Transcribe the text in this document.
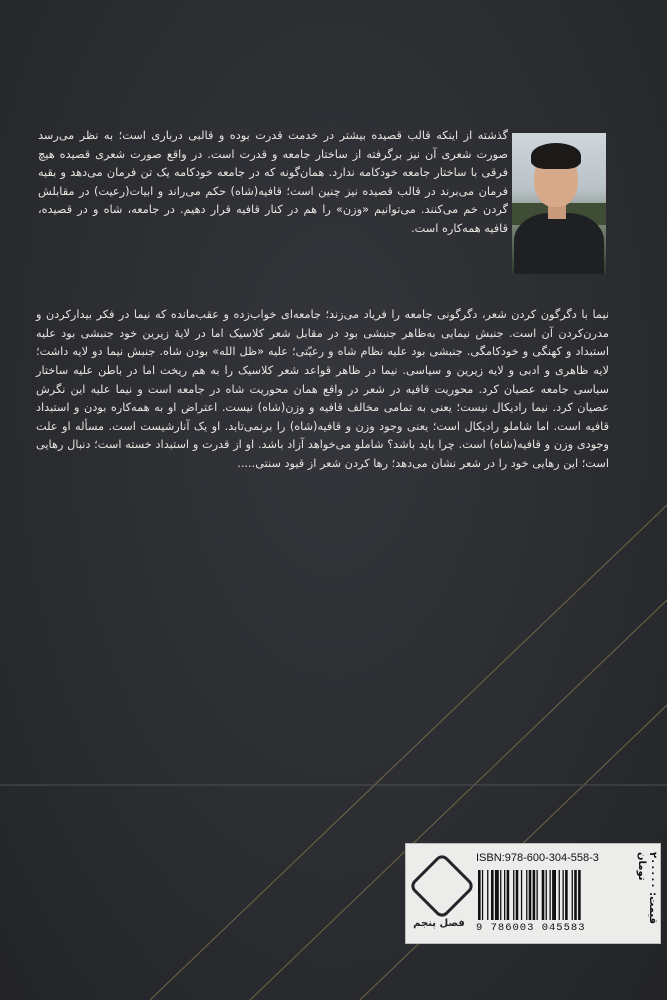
گذشته از اینکه قالب قصیده بیشتر در خدمت قدرت بوده و قالبی درباری است؛ به نظر می‌رسد صورت شعری آن نیز برگرفته از ساختار جامعه و قدرت است. در واقع صورت شعری قصیده هیچ فرقی با ساختار جامعه خودکامه ندارد. همان‌گونه که در جامعه خودکامه یک تن فرمان می‌دهد و بقیه فرمان می‌برند در قالب قصیده نیز چنین است؛ قافیه(شاه) حکم می‌راند و ابیات(رعیت) در مقابلش گردن خم می‌کنند. می‌توانیم «وزن» را هم در کنار قافیه قرار دهیم. در جامعه، شاه و در قصیده، قافیه همه‌کاره است.

نیما با دگرگون کردن شعر، دگرگونی جامعه را فریاد می‌زند؛ جامعه‌ای خواب‌زده و عقب‌مانده که نیما در فکر بیدارکردن و مدرن‌کردن آن است. جنبش نیمایی به‌ظاهر جنبشی بود در مقابل شعر کلاسیک اما در لایهٔ زیرین خود جنبشی بود علیه استبداد و کهنگی و خودکامگی. جنبشی بود علیه نظام شاه و رعیّتی؛ علیه «ظل الله» بودن شاه. جنبش نیما دو لایه داشت؛ لایه ظاهری و ادبی و لایه زیرین و سیاسی. نیما در ظاهر قواعد شعر کلاسیک را به هم ریخت اما در باطن علیه ساختار سیاسی جامعه عصیان کرد. محوریت قافیه در شعر در واقع همان محوریت شاه در جامعه است و نیما علیه این نگرش عصیان کرد. نیما رادیکال نیست؛ یعنی به تمامی مخالف قافیه و وزن(شاه) نیست. اعتراض او به همه‌کاره بودن و استبداد قافیه است. اما شاملو رادیکال است؛ یعنی وجود وزن و قافیه(شاه) را برنمی‌تابد. او یک آنارشیست است. مسأله او علت وجودی وزن و قافیه(شاه) است. چرا باید باشد؟ شاملو می‌خواهد آزاد باشد. او از قدرت و استبداد خسته است؛ دنبال رهایی است؛ این رهایی خود را در شعر نشان می‌دهد؛ رها کردن شعر از قیود سنتی.....

فصل پنجم
ISBN:978-600-304-558-3
9 786003 045583
قیمت: ۲۰۰۰۰۰ تومان
